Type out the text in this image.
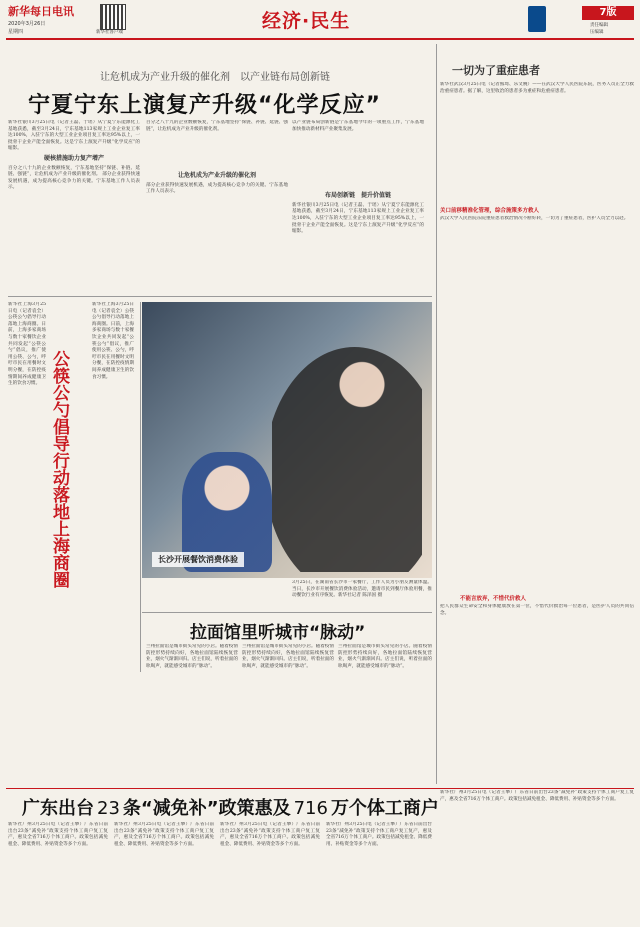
新华每日电讯
2020年3月26日
星期四	新华社客户端
经济·民生	7版
责任编辑
压编辑
让危机成为产业升级的催化剂　以产业链布局创新链
宁夏宁东上演复产升级“化学反应”
新华社银川3月25日电（记者王磊、于瑶）从宁夏宁东能源化工基地获悉，截至3月24日，宁东基地113家规上工业企业复工率达100%，入驻宁东的大型工业企业项目复工率达95%以上，一批骨干企业产能全面恢复。这是宁东上演复产升级“化学反应”的缩影。
硬核措施助力复产增产
百分之八十九的企业数额恢复，宁东基地坚持“保链、补链、延链、强链”，让危机成为产业升级的催化剂。 部分企业获得快速发展机遇，成为提高核心竞争力的关键。宁东基地工作人员表示。
百分之八十九的企业数额恢复，宁东基地坚持“保链、补链、延链、强链”，让危机成为产业升级的催化剂。
让危机成为产业升级的催化剂
部分企业获得快速发展机遇，成为提高核心竞争力的关键。宁东基地工作人员表示。
以产业链布局创新链是宁东基地今年的一项重点工作，宁东基地加快推动新材料产业聚集发展。
布局创新链　提升价值链
新华社银川3月25日电（记者王磊、于瑶）从宁夏宁东能源化工基地获悉，截至3月24日，宁东基地113家规上工业企业复工率达100%，入驻宁东的大型工业企业项目复工率达95%以上，一批骨干企业产能全面恢复。这是宁东上演复产升级“化学反应”的缩影。
新华社上海3月25日电（记者袁全）公筷公勺倡导行动落地上海商圈。日前，上海多家商场与数十家餐饮企业共同发起“公筷公勺”倡议，推广使用公筷、公勺，呼吁市民在用餐时文明分餐，在防控疫情期间养成健康卫生的饮食习惯。 公筷公勺倡导行动落地上海商圈
新华社上海3月25日电（记者袁全）公筷公勺倡导行动落地上海商圈。日前，上海多家商场与数十家餐饮企业共同发起“公筷公勺”倡议，推广使用公筷、公勺，呼吁市民在用餐时文明分餐，在防控疫情期间养成健康卫生的饮食习惯。
长沙开展餐饮消费体验
3月25日，在湖南省长沙市一家餐厅，工作人员为小朋友测量体温。当日，长沙市开展餐饮消费体验活动，邀请市民到餐厅体验用餐，推动餐饮行业有序恢复。新华社记者 陈泽国 摄
拉面馆里听城市“脉动”
兰州拉面馆是城市街头常见的小店。随着疫情防控形势持续向好，各地拉面馆陆续恢复营业，烟火气渐渐回归。店主们说，听着拉面的吆喝声，就能感受城市的“脉动”。
兰州拉面馆是城市街头常见的小店。随着疫情防控形势持续向好，各地拉面馆陆续恢复营业，烟火气渐渐回归。店主们说，听着拉面的吆喝声，就能感受城市的“脉动”。
兰州拉面馆是城市街头常见的小店。随着疫情防控形势持续向好，各地拉面馆陆续恢复营业，烟火气渐渐回归。店主们说，听着拉面的吆喝声，就能感受城市的“脉动”。
一切为了重症患者
新华社武汉3月25日电（记者熊琦、乐文婉）——在武汉大学人民医院东院，医务人员正全力救治重症患者。据了解，这里收治的患者多为重症和危重症患者。
关口前移精准化管理，综合施策多方救人
武汉大学人民医院东院重症患者救治情况不断好转，一切为了重症患者，医护人员全力以赴。
不能言放弃，不惜代价救人
把人民群众生命安全和身体健康放在第一位，不惜代价救治每一位患者，是医护人员的共同信念。
广东出台 23 条“减免补”政策惠及 716 万个体工商户
新华社广州3月25日电（记者王攀）广东省日前出台23条“减免补”政策支持个体工商户复工复产，惠及全省716万个体工商户。政策包括减免租金、降低费用、补贴资金等多个方面。
新华社广州3月25日电（记者王攀）广东省日前出台23条“减免补”政策支持个体工商户复工复产，惠及全省716万个体工商户。政策包括减免租金、降低费用、补贴资金等多个方面。
新华社广州3月25日电（记者王攀）广东省日前出台23条“减免补”政策支持个体工商户复工复产，惠及全省716万个体工商户。政策包括减免租金、降低费用、补贴资金等多个方面。
新华社广州3月25日电（记者王攀）广东省日前出台23条“减免补”政策支持个体工商户复工复产，惠及全省716万个体工商户。政策包括减免租金、降低费用、补贴资金等多个方面。
新华社广州3月25日电（记者王攀）广东省日前出台23条“减免补”政策支持个体工商户复工复产，惠及全省716万个体工商户。政策包括减免租金、降低费用、补贴资金等多个方面。
